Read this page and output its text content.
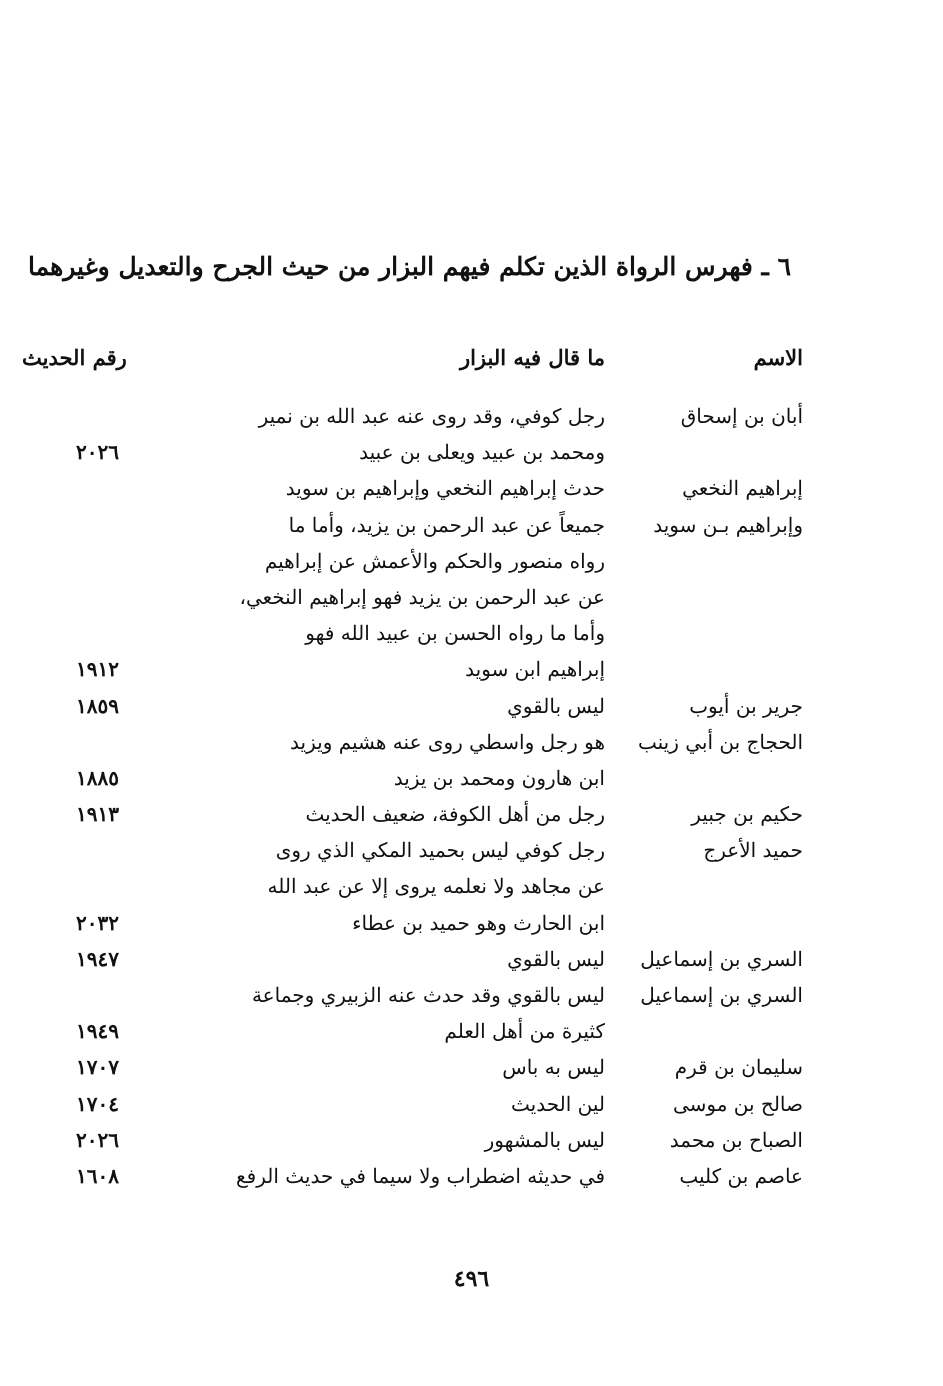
٦ ـ فهرس الرواة الذين تكلم فيهم البزار من حيث الجرح والتعديل وغيرهما
الاسم
ما قال فيه البزار
رقم الحديث
أبان بن إسحاق
رجل كوفي، وقد روى عنه عبد الله بن نمير
ومحمد بن عبيد ويعلى بن عبيد
٢٠٢٦
إبراهيم النخعي
حدث إبراهيم النخعي وإبراهيم بن سويد
وإبراهيم بـن سويد
جميعاً عن عبد الرحمن بن يزيد، وأما ما
رواه منصور والحكم والأعمش عن إبراهيم
عن عبد الرحمن بن يزيد فهو إبراهيم النخعي،
وأما ما رواه الحسن بن عبيد الله فهو
إبراهيم ابن سويد
١٩١٢
جرير بن أيوب
ليس بالقوي
١٨٥٩
الحجاج بن أبي زينب
هو رجل واسطي روى عنه هشيم ويزيد
ابن هارون ومحمد بن يزيد
١٨٨٥
حكيم بن جبير
رجل من أهل الكوفة، ضعيف الحديث
١٩١٣
حميد الأعرج
رجل كوفي ليس بحميد المكي الذي روى
عن مجاهد ولا نعلمه يروى إلا عن عبد الله
ابن الحارث وهو حميد بن عطاء
٢٠٣٢
السري بن إسماعيل
ليس بالقوي
١٩٤٧
السري بن إسماعيل
ليس بالقوي وقد حدث عنه الزبيري وجماعة
كثيرة من أهل العلم
١٩٤٩
سليمان بن قرم
ليس به باس
١٧٠٧
صالح بن موسى
لين الحديث
١٧٠٤
الصباح بن محمد
ليس بالمشهور
٢٠٢٦
عاصم بن كليب
في حديثه اضطراب ولا سيما في حديث الرفع
١٦٠٨
٤٩٦
